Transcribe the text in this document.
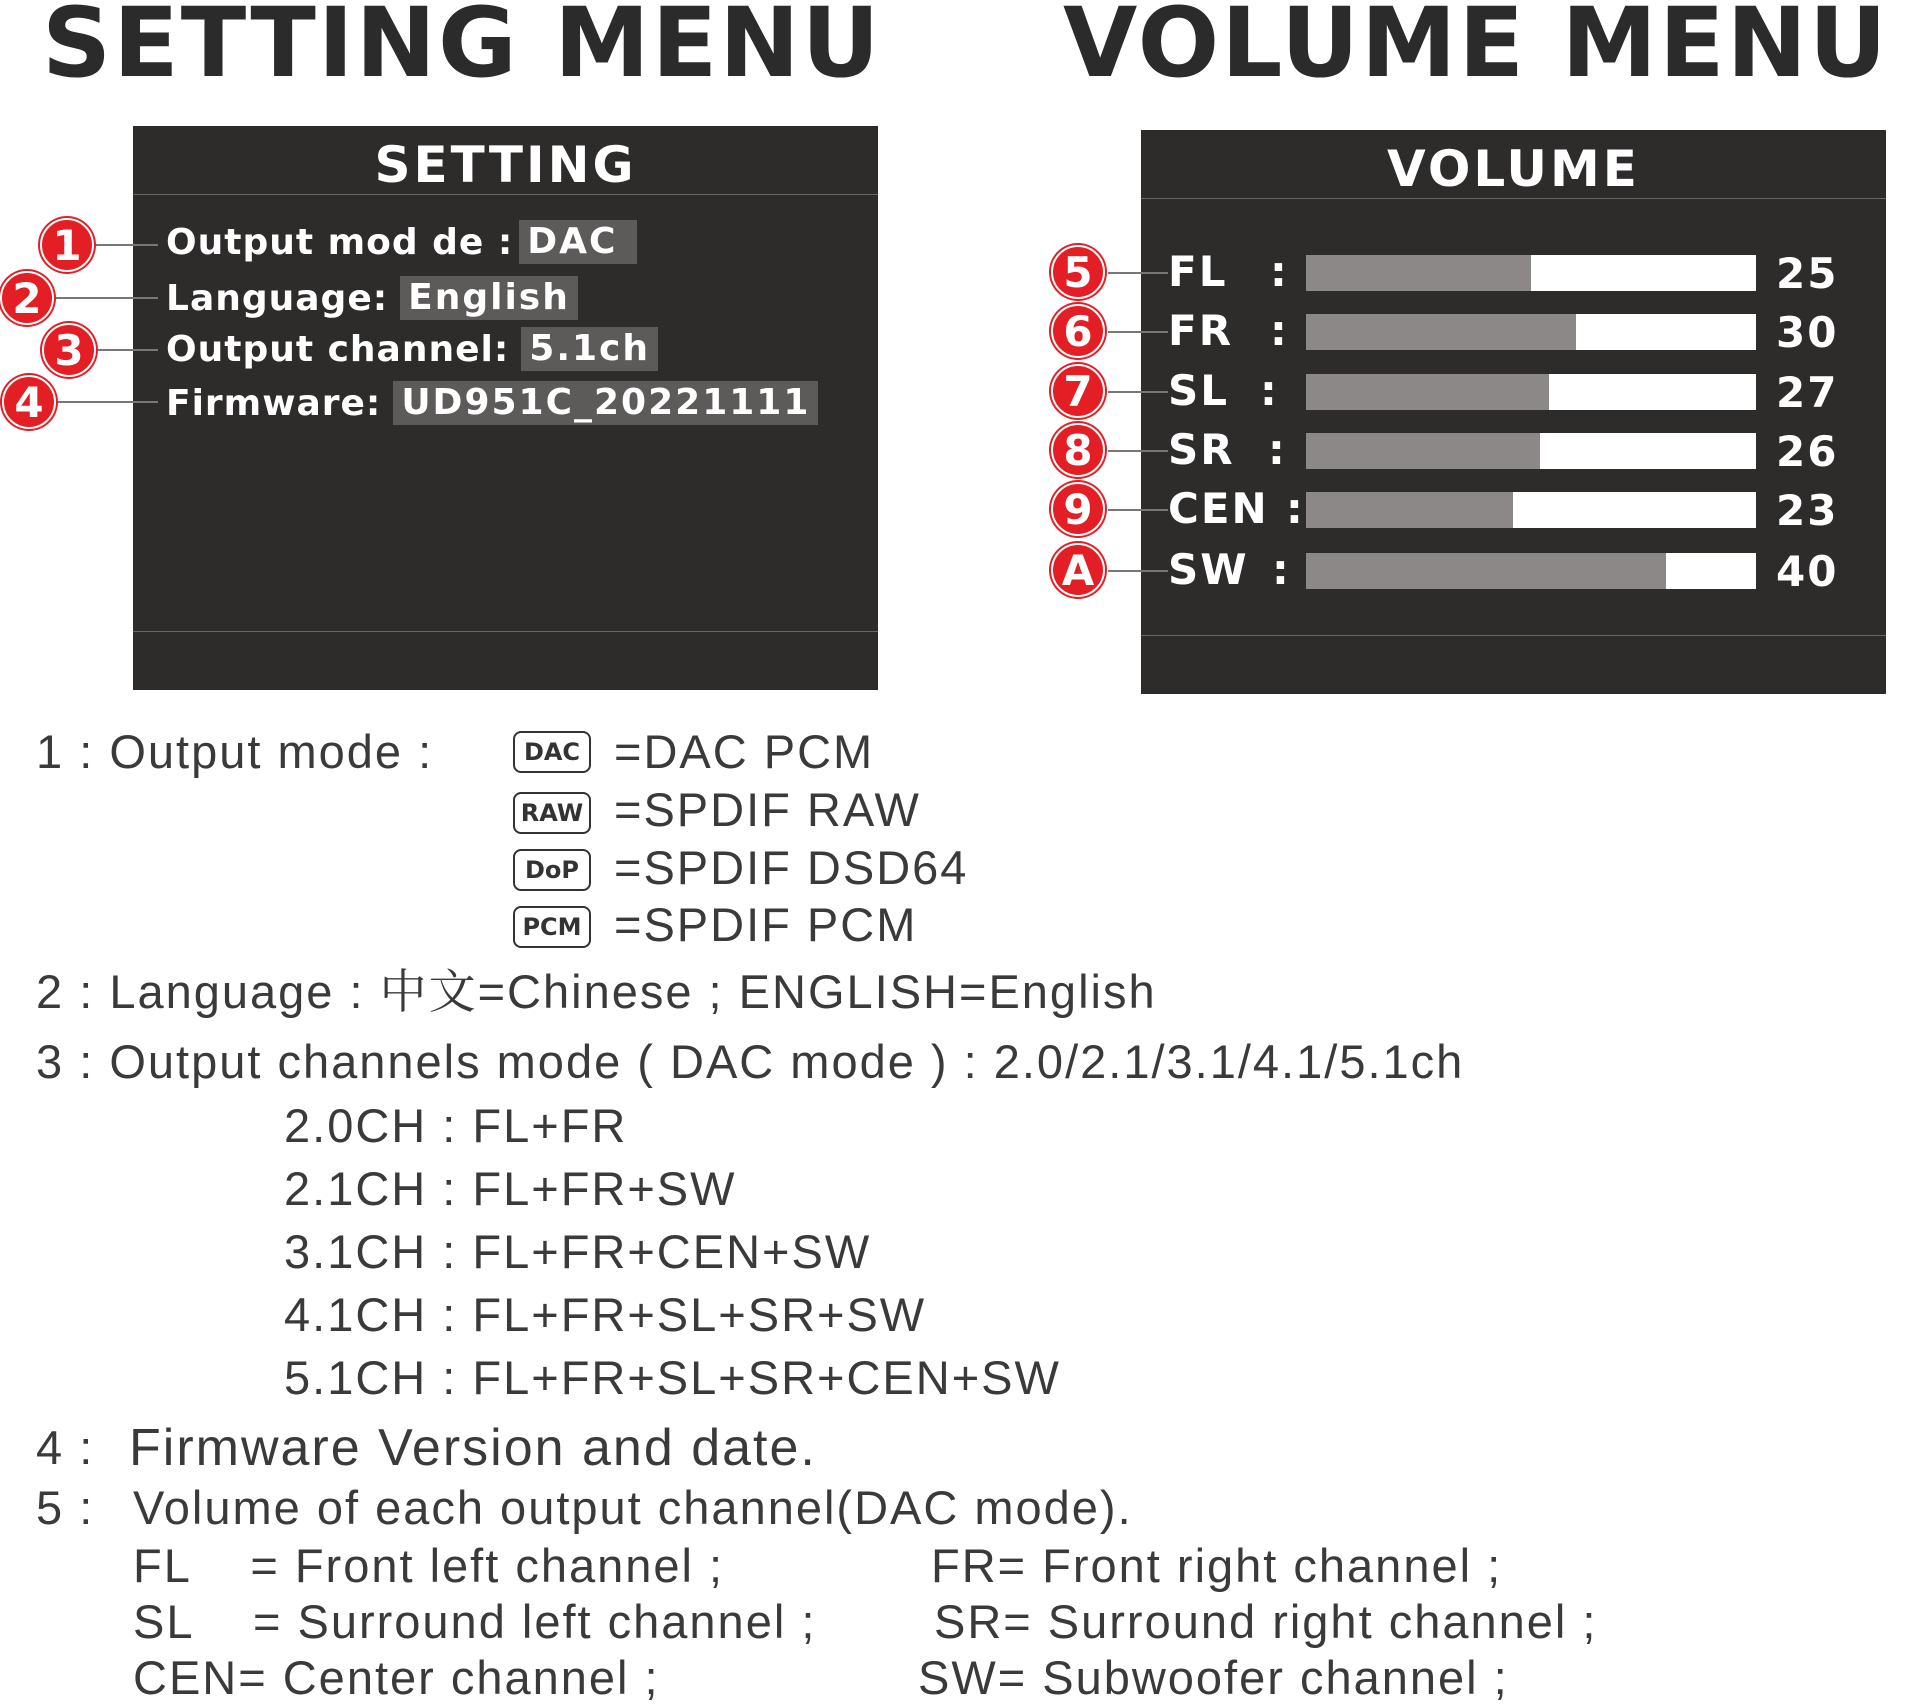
SETTING MENU VOLUME MENU
SETTING
Output mod de : DAC
Language: English
Output channel: 5.1ch
Firmware: UD951C_20221111
1
2
3
4
VOLUME
FL :	25
FR :	30
SL :	27
SR :	26
CEN :	23
SW :	40
5
6
7
8
9
A
1 : Output mode :	DAC =DAC PCM
RAW =SPDIF RAW
DoP =SPDIF DSD64
PCM =SPDIF PCM
2 : Language : 中文=Chinese ; ENGLISH=English
3 : Output channels mode ( DAC mode ) : 2.0/2.1/3.1/4.1/5.1ch
2.0CH : FL+FR
2.1CH : FL+FR+SW
3.1CH : FL+FR+CEN+SW
4.1CH : FL+FR+SL+SR+SW
5.1CH : FL+FR+SL+SR+CEN+SW
4 : Firmware Version and date.
5 : Volume of each output channel(DAC mode).
FL    = Front left channel ;	FR= Front right channel ;
SL    = Surround left channel ;	SR= Surround right channel ;
CEN= Center channel ;	SW= Subwoofer channel ;
